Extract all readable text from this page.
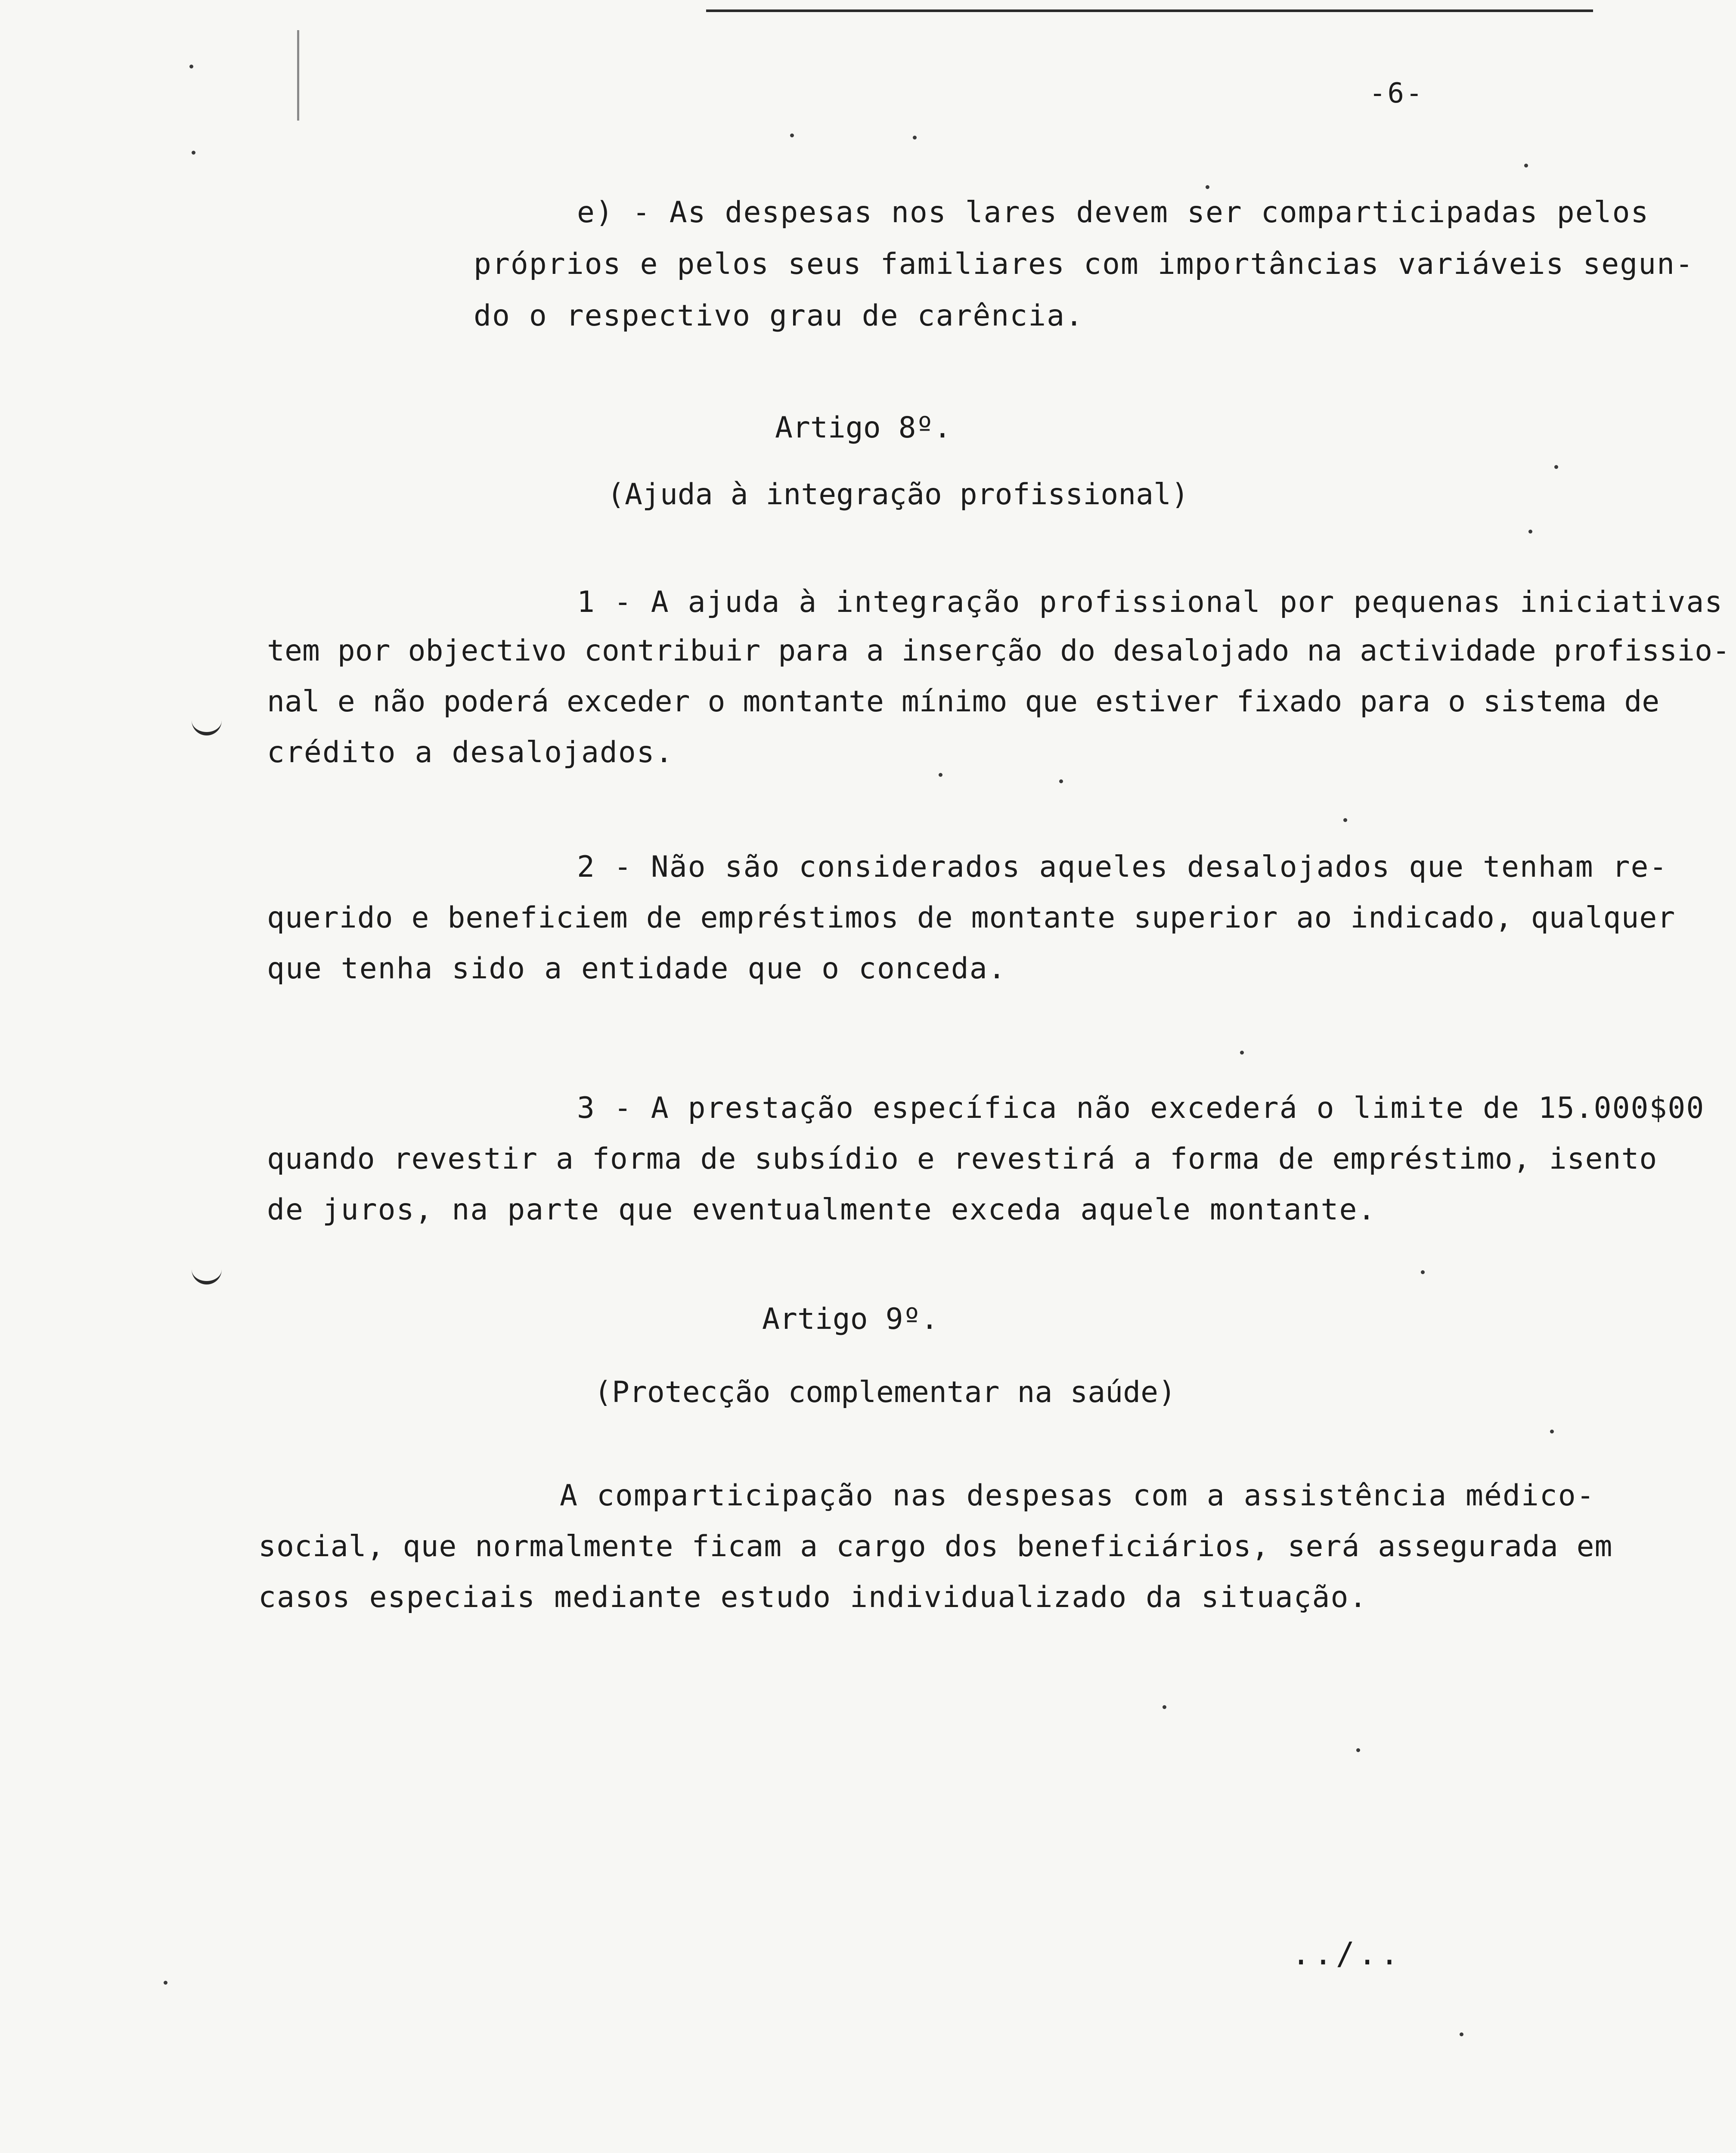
-6-
e) - As despesas nos lares devem ser comparticipadas pelos
próprios e pelos seus familiares com importâncias variáveis segun-
do o respectivo grau de carência.
Artigo 8º.
(Ajuda à integração profissional)
1 - A ajuda à integração profissional por pequenas iniciativas
tem por objectivo contribuir para a inserção do desalojado na actividade profissio-
nal e não poderá exceder o montante mínimo que estiver fixado para o sistema de
crédito a desalojados.
2 - Não são considerados aqueles desalojados que tenham re-
querido e beneficiem de empréstimos de montante superior ao indicado, qualquer
que tenha sido a entidade que o conceda.
3 - A prestação específica não excederá o limite de 15.000$00
quando revestir a forma de subsídio e revestirá a forma de empréstimo, isento
de juros, na parte que eventualmente exceda aquele montante.
Artigo 9º.
(Protecção complementar na saúde)
A comparticipação nas despesas com a assistência médico-
social, que normalmente ficam a cargo dos beneficiários, será assegurada em
casos especiais mediante estudo individualizado da situação.
../..
